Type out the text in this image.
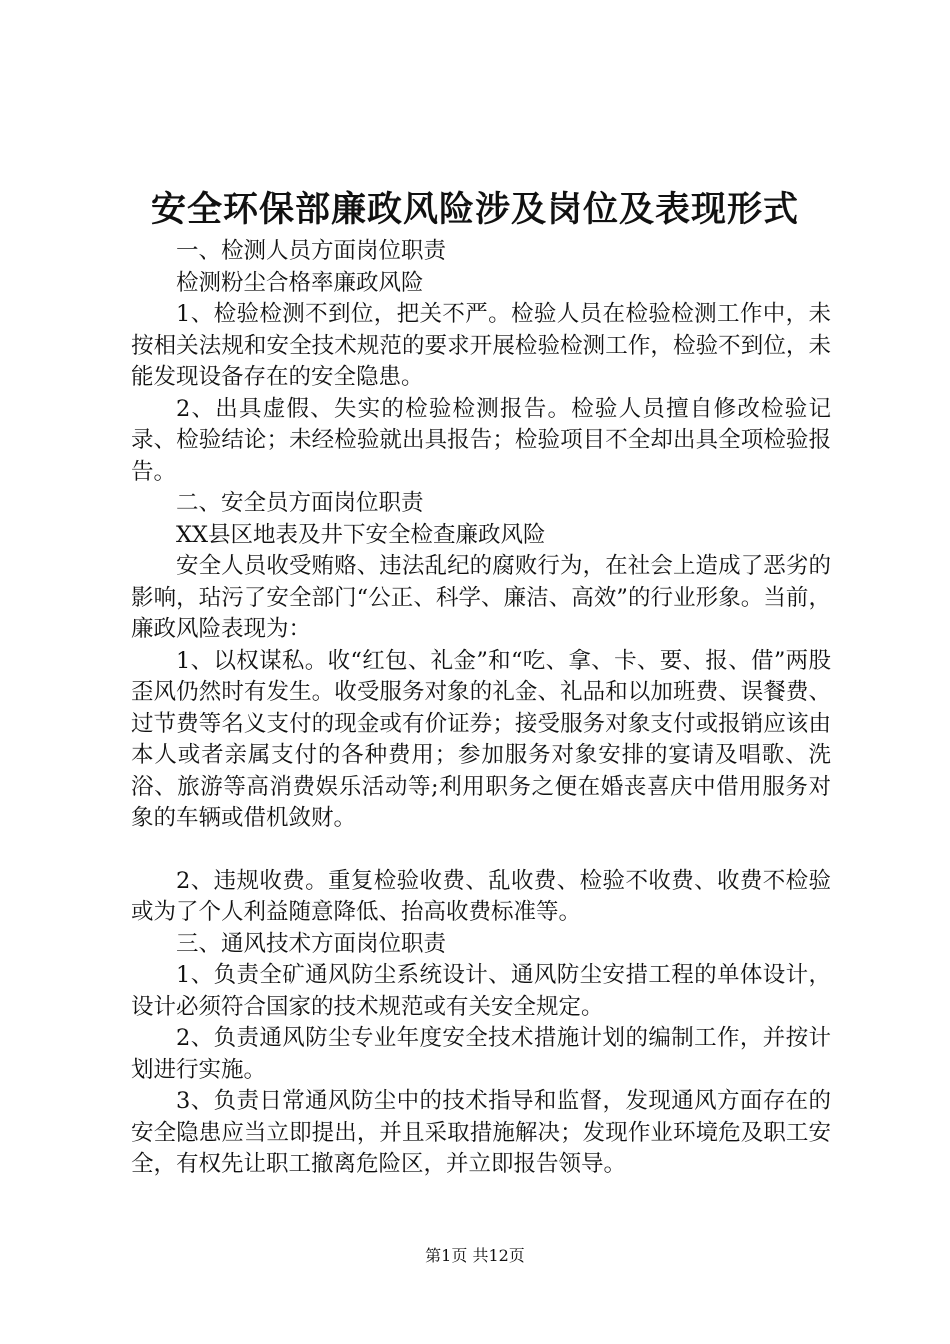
安全环保部廉政风险涉及岗位及表现形式

一、检测人员方面岗位职责

检测粉尘合格率廉政风险

1、检验检测不到位，把关不严。检验人员在检验检测工作中，未按相关法规和安全技术规范的要求开展检验检测工作，检验不到位，未能发现设备存在的安全隐患。

2、出具虚假、失实的检验检测报告。检验人员擅自修改检验记录、检验结论；未经检验就出具报告；检验项目不全却出具全项检验报告。

二、安全员方面岗位职责

XX县区地表及井下安全检查廉政风险

安全人员收受贿赂、违法乱纪的腐败行为，在社会上造成了恶劣的影响，玷污了安全部门“公正、科学、廉洁、高效”的行业形象。当前，廉政风险表现为：

1、以权谋私。收“红包、礼金”和“吃、拿、卡、要、报、借”两股歪风仍然时有发生。收受服务对象的礼金、礼品和以加班费、误餐费、过节费等名义支付的现金或有价证券；接受服务对象支付或报销应该由本人或者亲属支付的各种费用；参加服务对象安排的宴请及唱歌、洗浴、旅游等高消费娱乐活动等;利用职务之便在婚丧喜庆中借用服务对象的车辆或借机敛财。

2、违规收费。重复检验收费、乱收费、检验不收费、收费不检验或为了个人利益随意降低、抬高收费标准等。

三、通风技术方面岗位职责

1、负责全矿通风防尘系统设计、通风防尘安措工程的单体设计，设计必须符合国家的技术规范或有关安全规定。

2、负责通风防尘专业年度安全技术措施计划的编制工作，并按计划进行实施。

3、负责日常通风防尘中的技术指导和监督，发现通风方面存在的安全隐患应当立即提出，并且采取措施解决；发现作业环境危及职工安全，有权先让职工撤离危险区，并立即报告领导。

第1页 共12页
